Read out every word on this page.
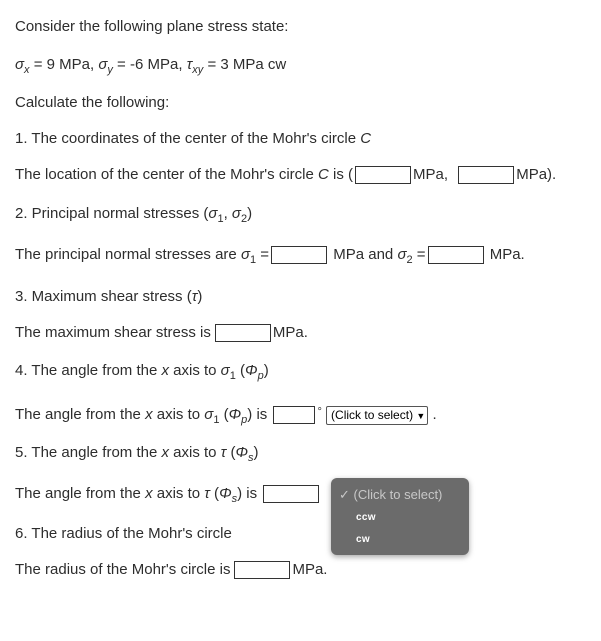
Consider the following plane stress state:
$\sigma_x = 9$ MPa, $\sigma_y = -6$ MPa, $\tau_{xy} = 3$ MPa cw
Calculate the following:
1. The coordinates of the center of the Mohr's circle C
The location of the center of the Mohr's circle C is (	MPa,	MPa).
2. Principal normal stresses ($\sigma_1$, $\sigma_2$)
The principal normal stresses are $\sigma_1$ =	MPa and $\sigma_2$ =	MPa.
3. Maximum shear stress (τ)
The maximum shear stress is	MPa.
4. The angle from the x axis to $\sigma_1$ $(\Phi_p)$
The angle from the x axis to $\sigma_1$ $(\Phi_p)$ is	° (Click to select) ▼ .
5. The angle from the x axis to τ $(\Phi_s)$
The angle from the x axis to τ $(\Phi_s)$ is
6. The radius of the Mohr's circle
The radius of the Mohr's circle is	MPa.
✓ (Click to select)
ccw
cw
